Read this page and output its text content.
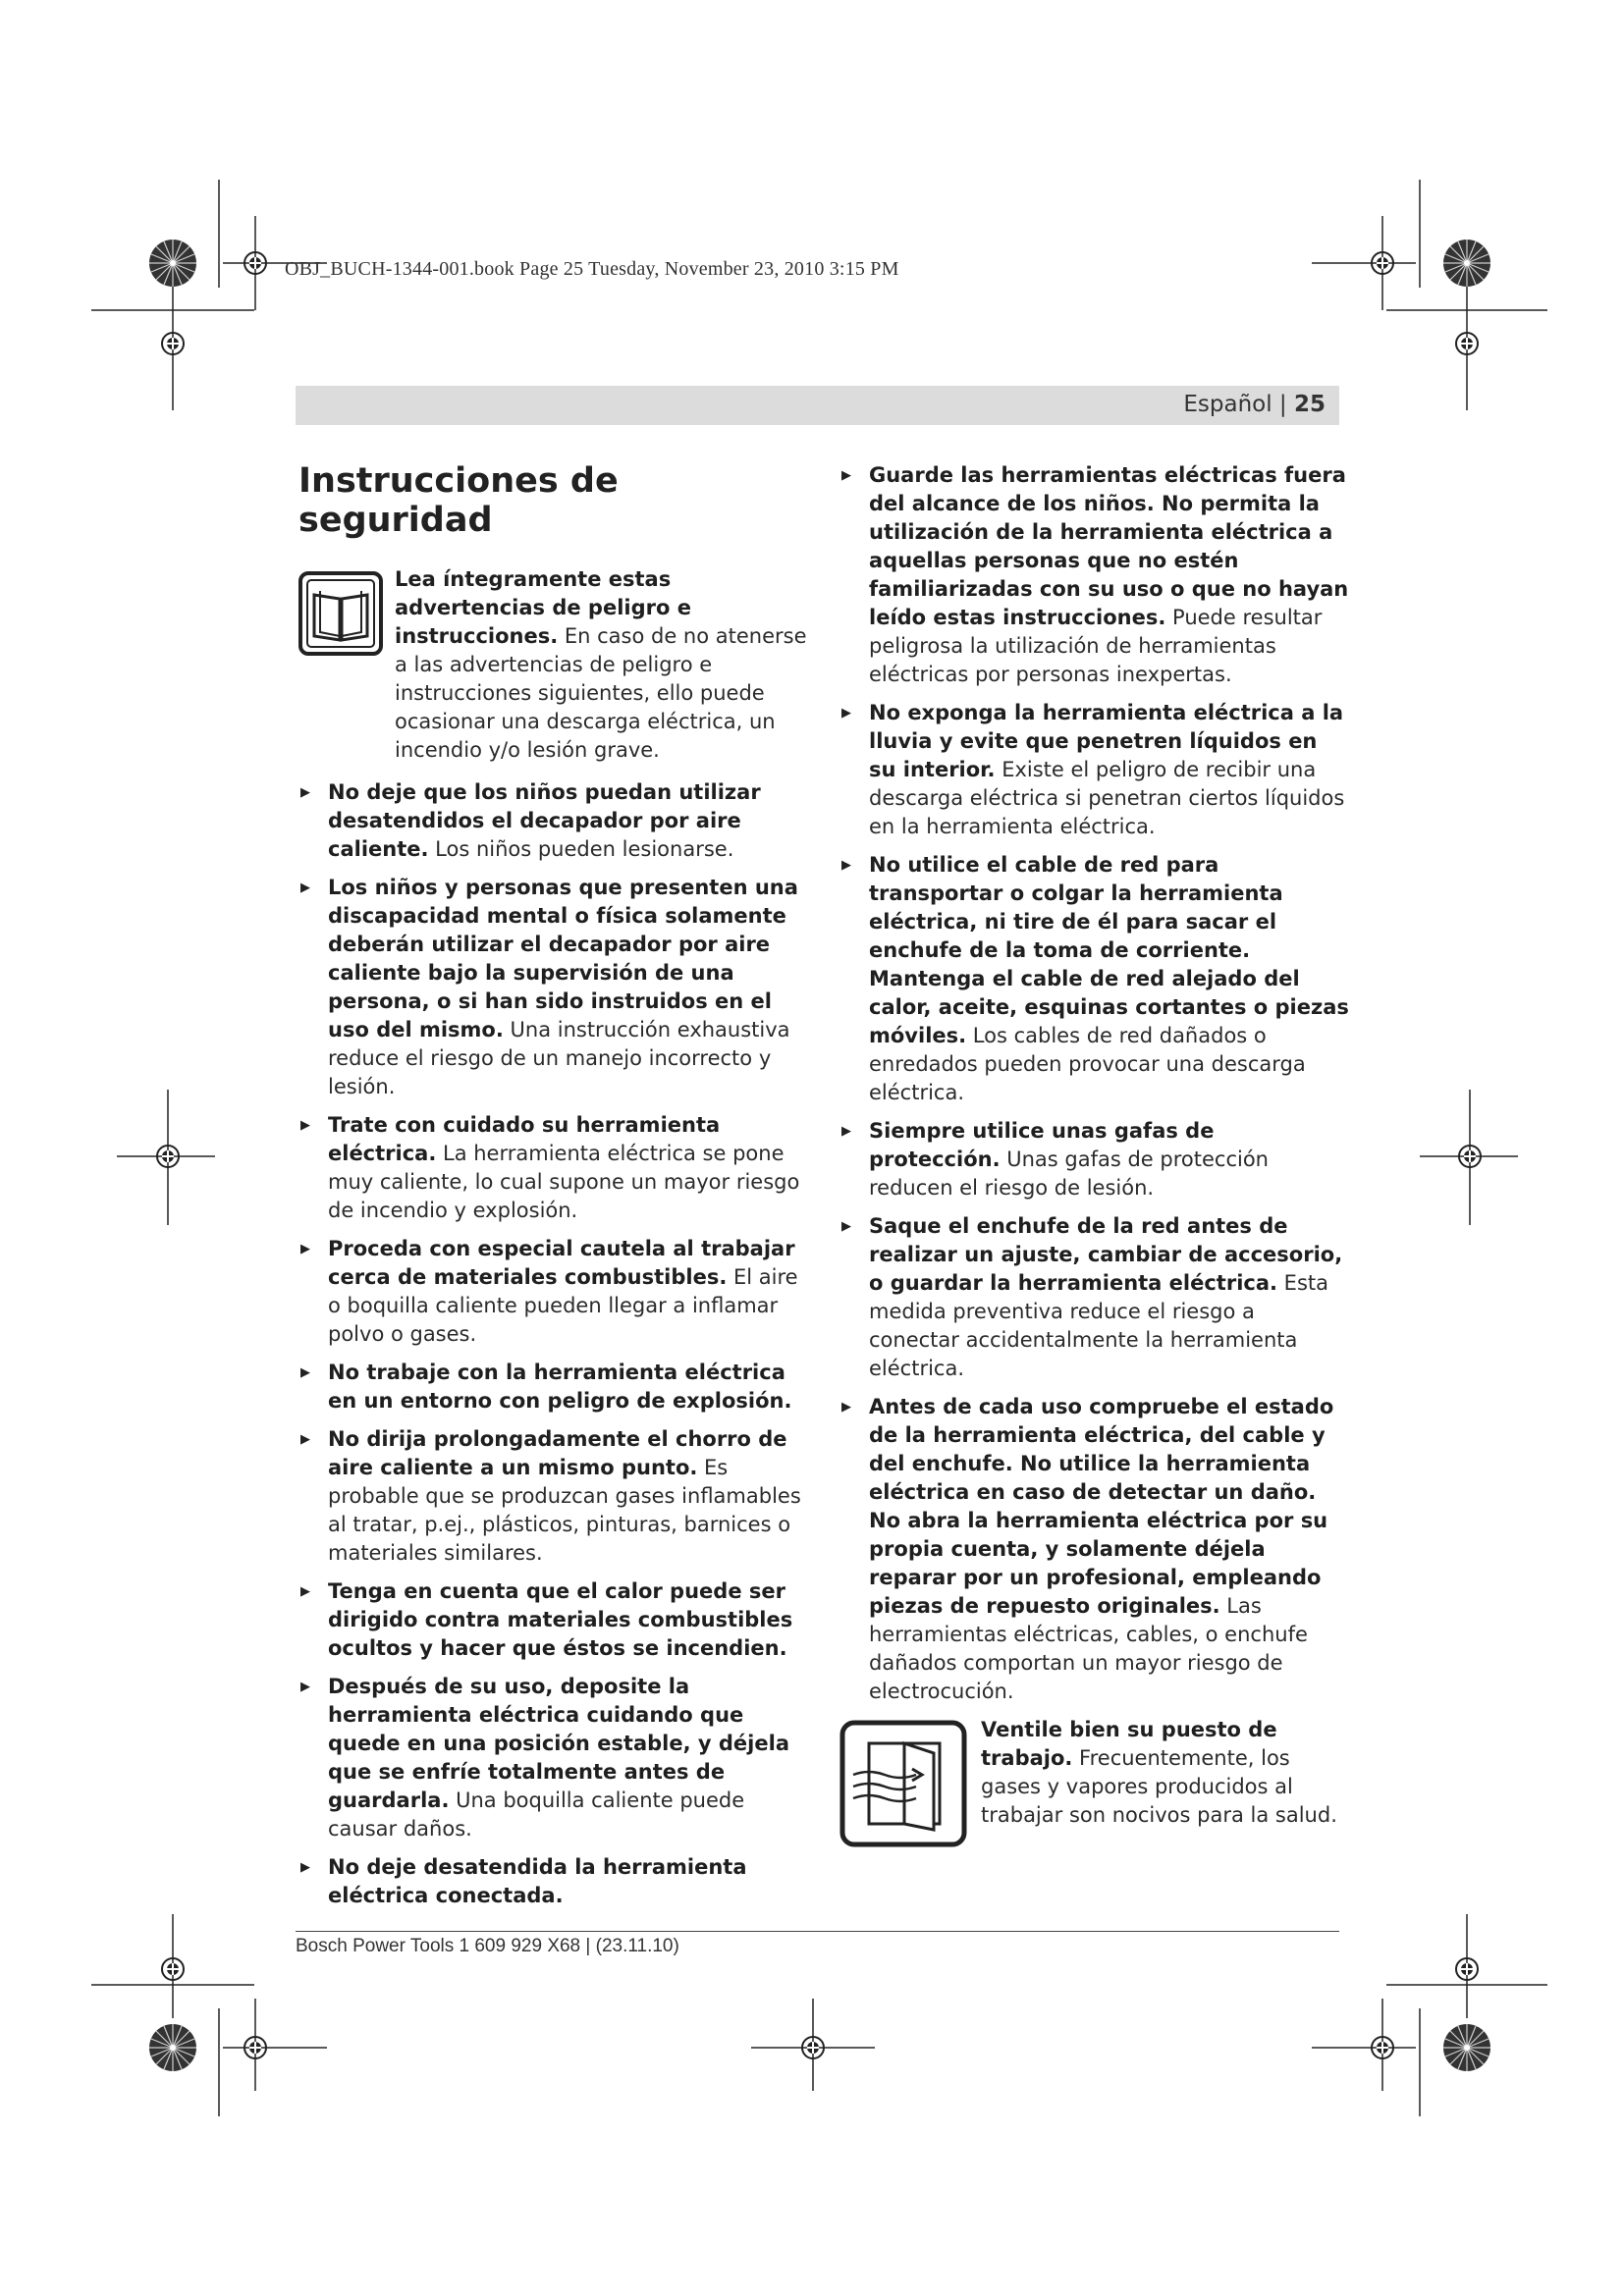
OBJ_BUCH-1344-001.book Page 25 Tuesday, November 23, 2010 3:15 PM
Español | 25
Instrucciones de seguridad

Lea íntegramente estas advertencias de peligro e instrucciones. En caso de no atenerse a las advertencias de peligro e instrucciones siguientes, ello puede ocasionar una descarga eléctrica, un incendio y/o lesión grave.

▶ No deje que los niños puedan utilizar desatendidos el decapador por aire caliente. Los niños pueden lesionarse.
▶ Los niños y personas que presenten una discapacidad mental o física solamente deberán utilizar el decapador por aire caliente bajo la supervisión de una persona, o si han sido instruidos en el uso del mismo. Una instrucción exhaustiva reduce el riesgo de un manejo incorrecto y lesión.
▶ Trate con cuidado su herramienta eléctrica. La herramienta eléctrica se pone muy caliente, lo cual supone un mayor riesgo de incendio y explosión.
▶ Proceda con especial cautela al trabajar cerca de materiales combustibles. El aire o boquilla caliente pueden llegar a inflamar polvo o gases.
▶ No trabaje con la herramienta eléctrica en un entorno con peligro de explosión.
▶ No dirija prolongadamente el chorro de aire caliente a un mismo punto. Es probable que se produzcan gases inflamables al tratar, p.ej., plásticos, pinturas, barnices o materiales similares.
▶ Tenga en cuenta que el calor puede ser dirigido contra materiales combustibles ocultos y hacer que éstos se incendien.
▶ Después de su uso, deposite la herramienta eléctrica cuidando que quede en una posición estable, y déjela que se enfríe totalmente antes de guardarla. Una boquilla caliente puede causar daños.
▶ No deje desatendida la herramienta eléctrica conectada.
▶ Guarde las herramientas eléctricas fuera del alcance de los niños. No permita la utilización de la herramienta eléctrica a aquellas personas que no estén familiarizadas con su uso o que no hayan leído estas instrucciones. Puede resultar peligrosa la utilización de herramientas eléctricas por personas inexpertas.
▶ No exponga la herramienta eléctrica a la lluvia y evite que penetren líquidos en su interior. Existe el peligro de recibir una descarga eléctrica si penetran ciertos líquidos en la herramienta eléctrica.
▶ No utilice el cable de red para transportar o colgar la herramienta eléctrica, ni tire de él para sacar el enchufe de la toma de corriente. Mantenga el cable de red alejado del calor, aceite, esquinas cortantes o piezas móviles. Los cables de red dañados o enredados pueden provocar una descarga eléctrica.
▶ Siempre utilice unas gafas de protección. Unas gafas de protección reducen el riesgo de lesión.
▶ Saque el enchufe de la red antes de realizar un ajuste, cambiar de accesorio, o guardar la herramienta eléctrica. Esta medida preventiva reduce el riesgo a conectar accidentalmente la herramienta eléctrica.
▶ Antes de cada uso compruebe el estado de la herramienta eléctrica, del cable y del enchufe. No utilice la herramienta eléctrica en caso de detectar un daño. No abra la herramienta eléctrica por su propia cuenta, y solamente déjela reparar por un profesional, empleando piezas de repuesto originales. Las herramientas eléctricas, cables, o enchufe dañados comportan un mayor riesgo de electrocución.

Ventile bien su puesto de trabajo. Frecuentemente, los gases y vapores producidos al trabajar son nocivos para la salud.

Bosch Power Tools 1 609 929 X68 | (23.11.10)
